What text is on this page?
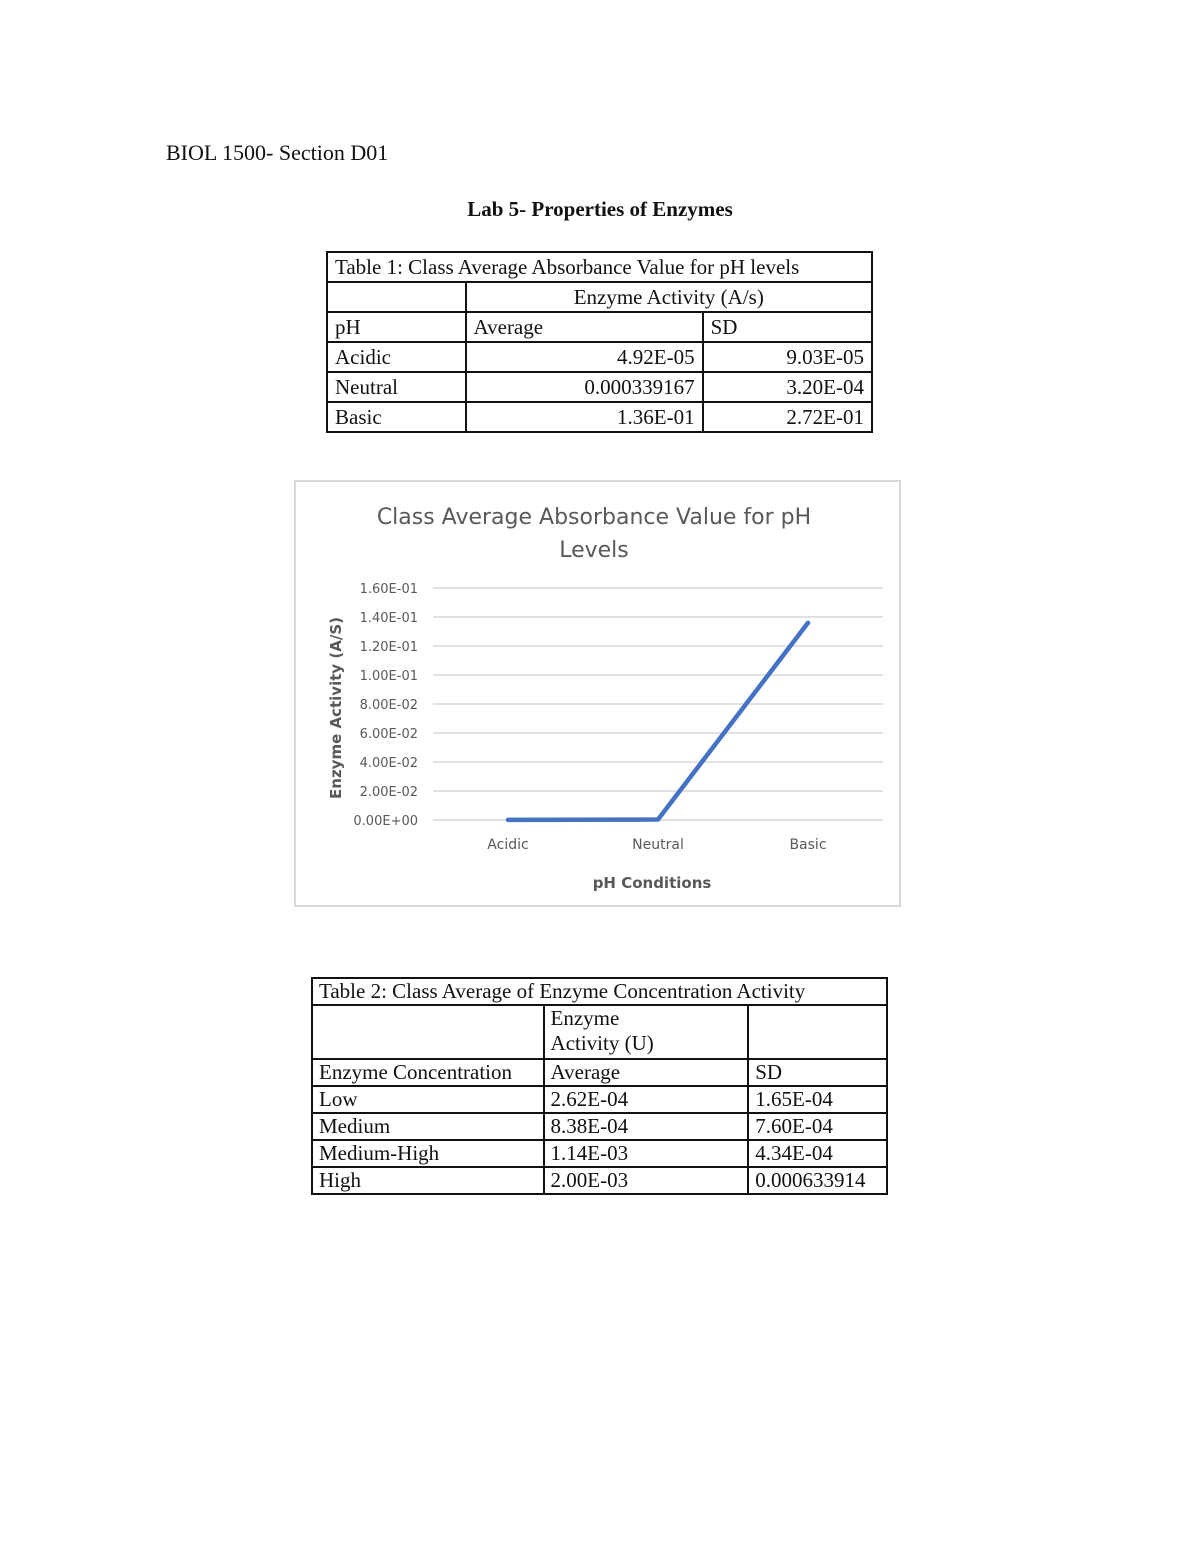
BIOL 1500- Section D01
Lab 5- Properties of Enzymes
Table 1: Class Average Absorbance Value for pH levels		
	Enzyme Activity (A/s)	
pH	Average	SD
Acidic	4.92E-05	9.03E-05
Neutral	0.000339167	3.20E-04
Basic	1.36E-01	2.72E-01
Class Average Absorbance Value for pH
Levels
0.00E+00
2.00E-02
4.00E-02
6.00E-02
8.00E-02
1.00E-01
1.20E-01
1.40E-01
1.60E-01
Acidic	Neutral	Basic
pH Conditions
Enzyme Activity (A/S)
Table 2: Class Average of Enzyme Concentration Activity		
	Enzyme Activity (U)	
Enzyme Concentration	Average	SD
Low	2.62E-04	1.65E-04
Medium	8.38E-04	7.60E-04
Medium-High	1.14E-03	4.34E-04
High	2.00E-03	0.000633914
